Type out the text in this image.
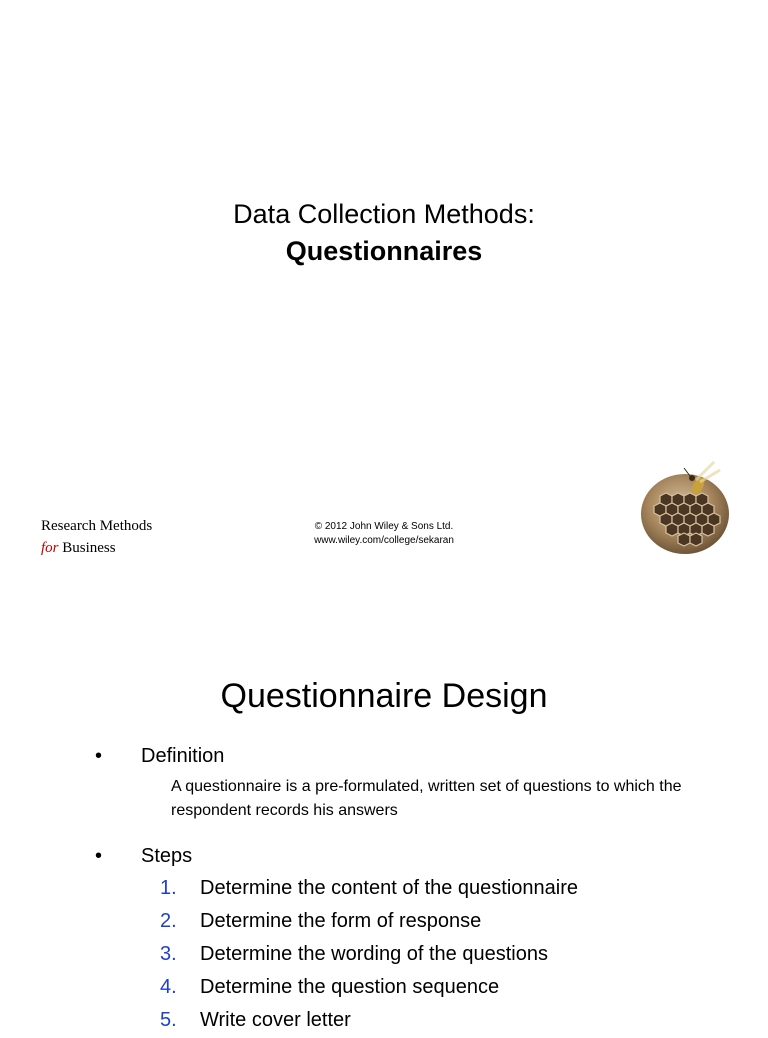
Data Collection Methods:
Questionnaires
Research Methods
for Business
© 2012 John Wiley & Sons Ltd.
www.wiley.com/college/sekaran
Questionnaire Design
• Definition
A questionnaire is a pre-formulated, written set of questions to which the respondent records his answers
• Steps
1. Determine the content of the questionnaire
2. Determine the form of response
3. Determine the wording of the questions
4. Determine the question sequence
5. Write cover letter
